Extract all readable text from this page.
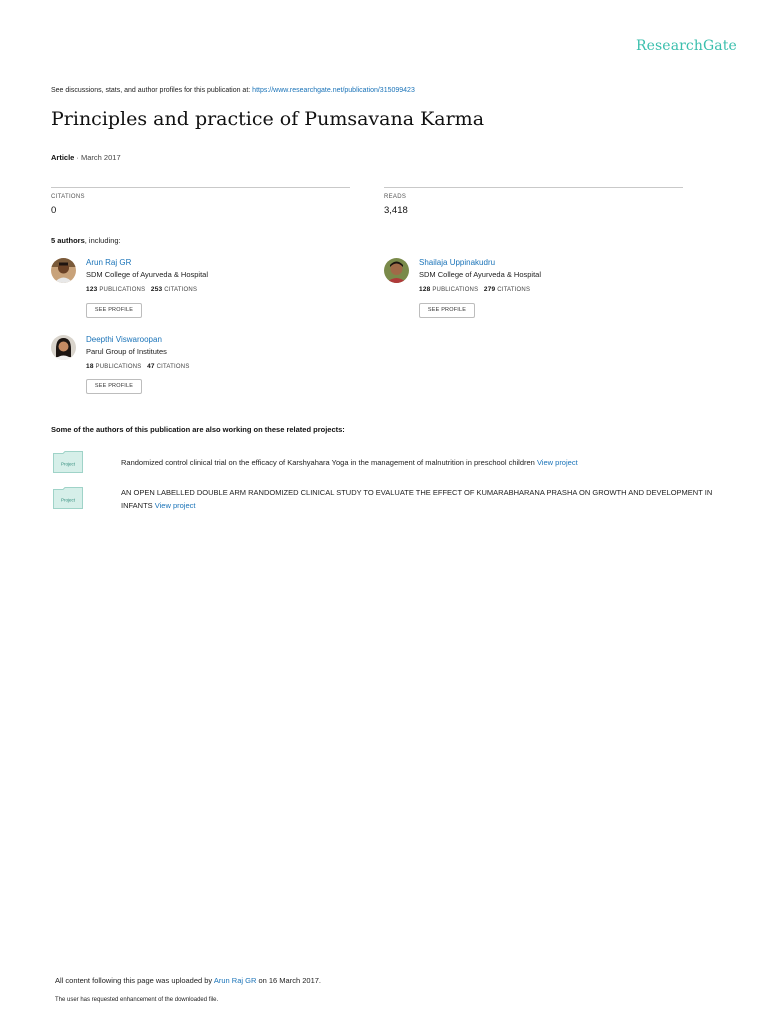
ResearchGate
See discussions, stats, and author profiles for this publication at: https://www.researchgate.net/publication/315099423
Principles and practice of Pumsavana Karma
Article · March 2017
CITATIONS
0
READS
3,418
5 authors, including:
Arun Raj GR
SDM College of Ayurveda & Hospital
123 PUBLICATIONS 253 CITATIONS
SEE PROFILE
Shailaja Uppinakudru
SDM College of Ayurveda & Hospital
128 PUBLICATIONS 279 CITATIONS
SEE PROFILE
Deepthi Viswaroopan
Parul Group of Institutes
18 PUBLICATIONS 47 CITATIONS
SEE PROFILE
Some of the authors of this publication are also working on these related projects:
Project	Randomized control clinical trial on the efficacy of Karshyahara Yoga in the management of malnutrition in preschool children View project
Project
AN OPEN LABELLED DOUBLE ARM RANDOMIZED CLINICAL STUDY TO EVALUATE THE EFFECT OF KUMARABHARANA PRASHA ON GROWTH AND DEVELOPMENT IN
INFANTS View project
All content following this page was uploaded by Arun Raj GR on 16 March 2017.
The user has requested enhancement of the downloaded file.
